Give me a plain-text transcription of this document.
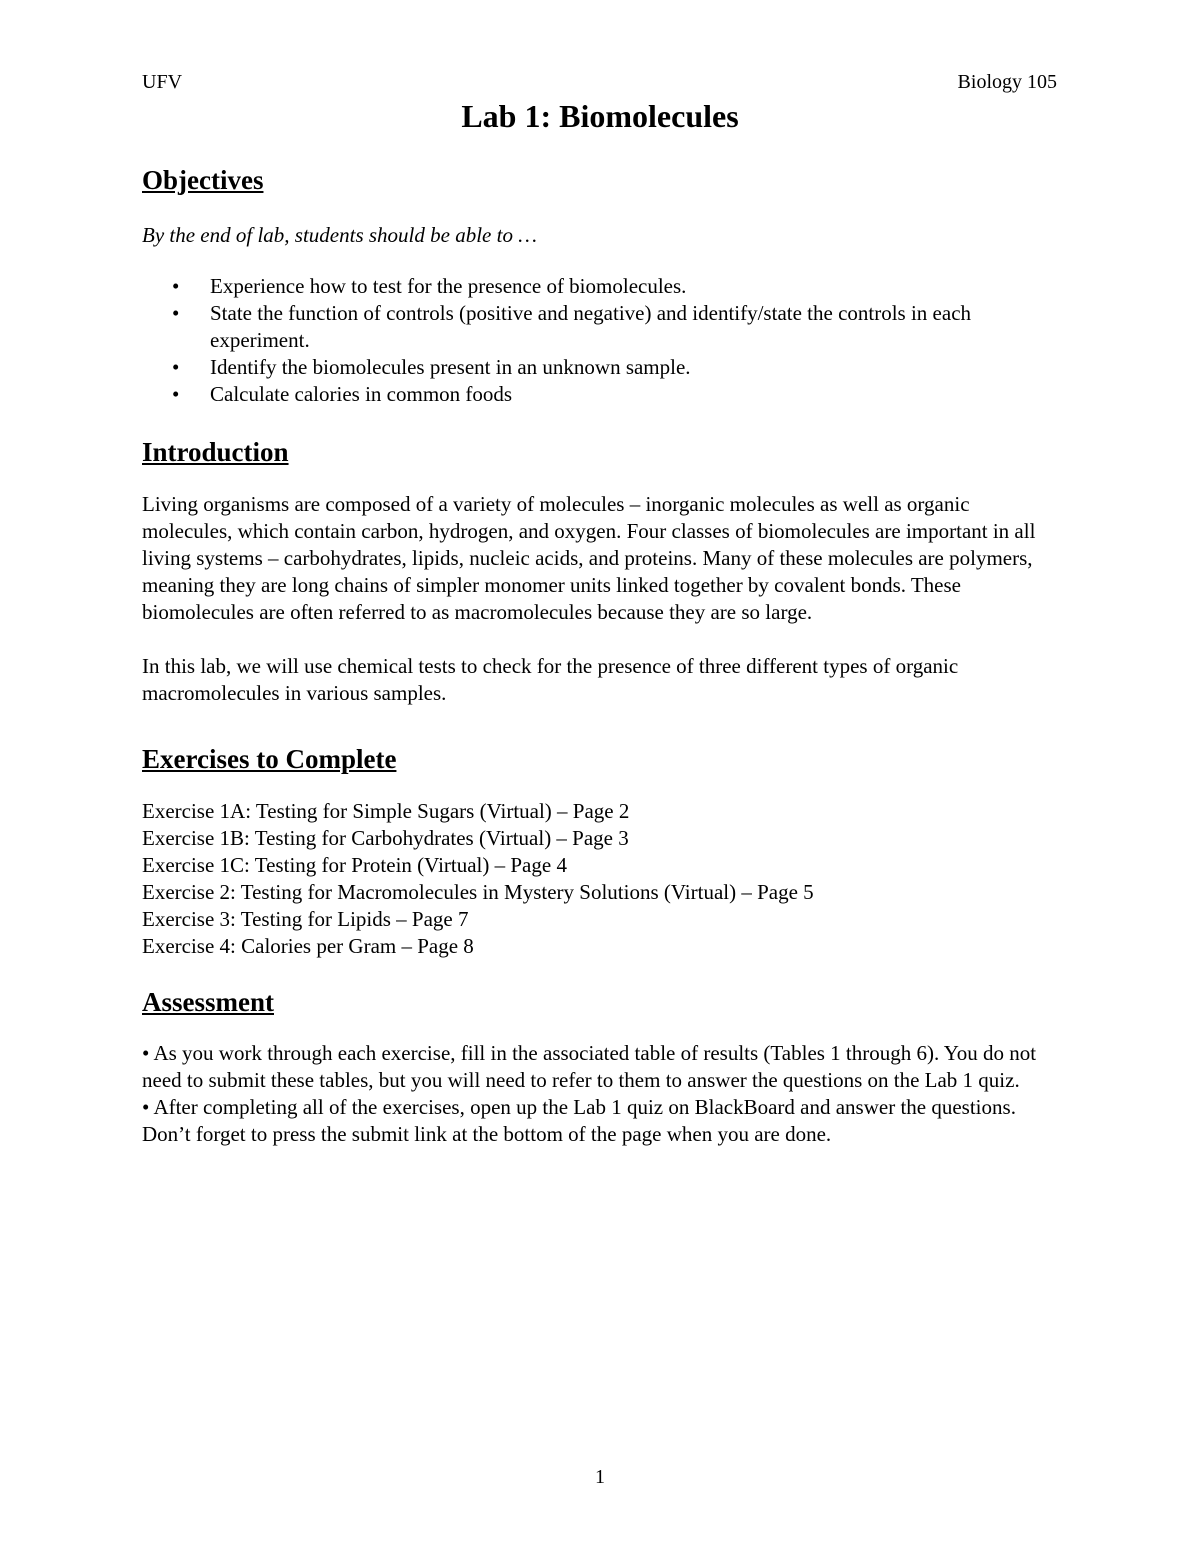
UFV	Biology 105
Lab 1: Biomolecules
Objectives
By the end of lab, students should be able to …
• Experience how to test for the presence of biomolecules.
• State the function of controls (positive and negative) and identify/state the controls in each experiment.
• Identify the biomolecules present in an unknown sample.
• Calculate calories in common foods
Introduction

Living organisms are composed of a variety of molecules – inorganic molecules as well as organic molecules, which contain carbon, hydrogen, and oxygen. Four classes of biomolecules are important in all living systems – carbohydrates, lipids, nucleic acids, and proteins. Many of these molecules are polymers, meaning they are long chains of simpler monomer units linked together by covalent bonds. These biomolecules are often referred to as macromolecules because they are so large.

In this lab, we will use chemical tests to check for the presence of three different types of organic macromolecules in various samples.

Exercises to Complete
Exercise 1A: Testing for Simple Sugars (Virtual) – Page 2
Exercise 1B: Testing for Carbohydrates (Virtual) – Page 3
Exercise 1C: Testing for Protein (Virtual) – Page 4
Exercise 2: Testing for Macromolecules in Mystery Solutions (Virtual) – Page 5
Exercise 3: Testing for Lipids – Page 7
Exercise 4: Calories per Gram – Page 8
Assessment
• As you work through each exercise, fill in the associated table of results (Tables 1 through 6). You do not need to submit these tables, but you will need to refer to them to answer the questions on the Lab 1 quiz.
• After completing all of the exercises, open up the Lab 1 quiz on BlackBoard and answer the questions. Don’t forget to press the submit link at the bottom of the page when you are done.
1
